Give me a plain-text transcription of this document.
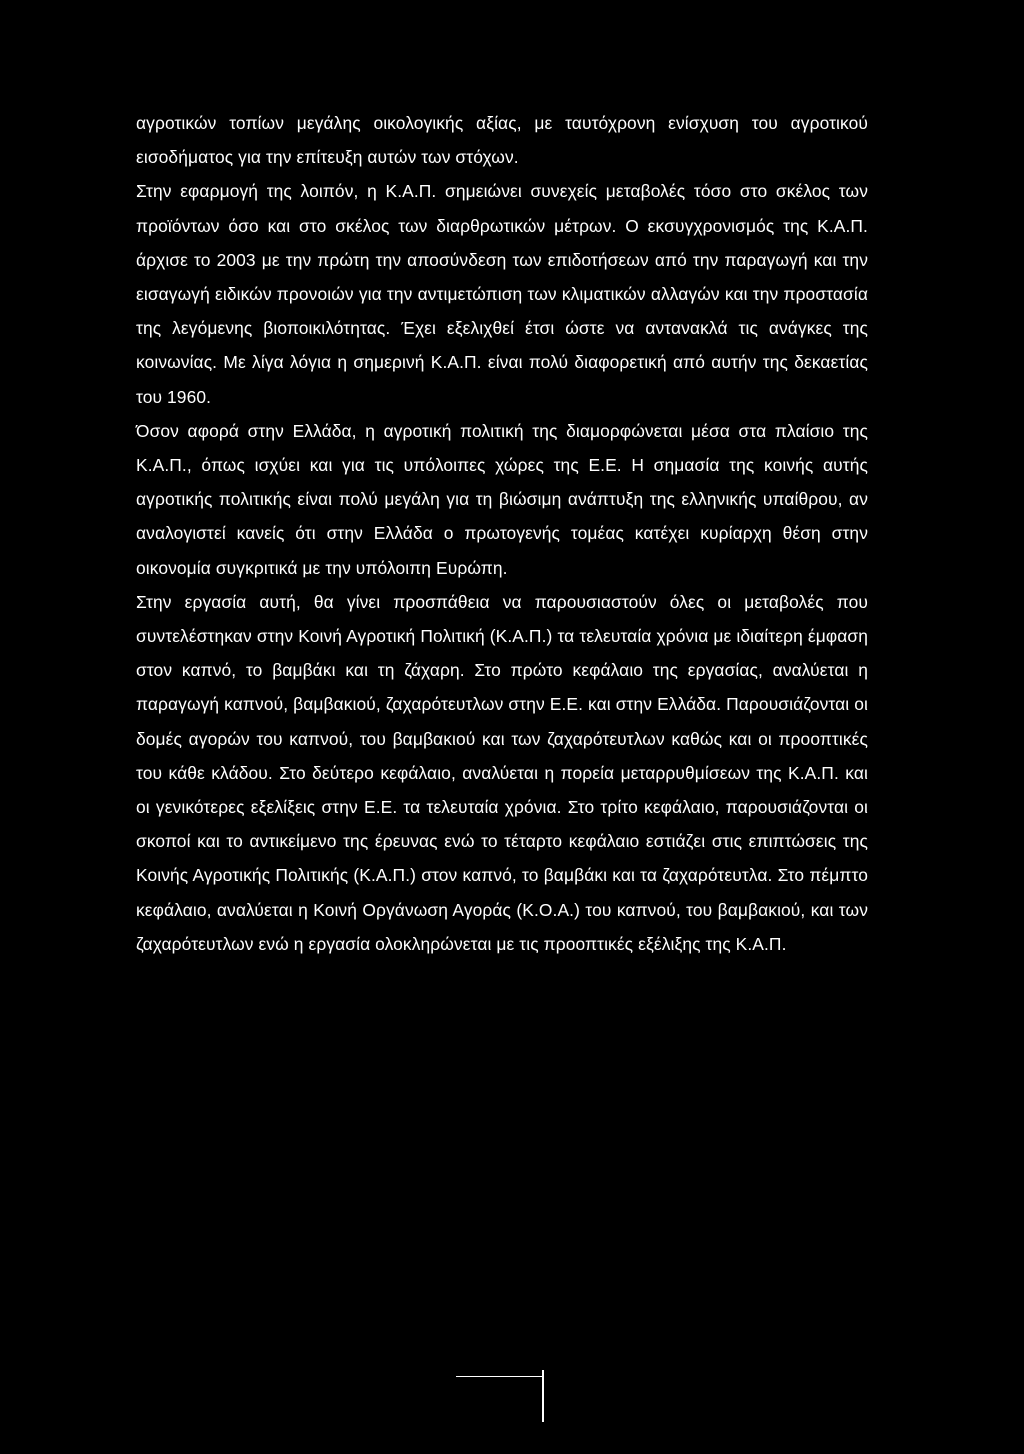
αγροτικών τοπίων μεγάλης οικολογικής αξίας, με ταυτόχρονη ενίσχυση του αγροτικού εισοδήματος για την επίτευξη αυτών των στόχων.

Στην εφαρμογή της λοιπόν, η Κ.Α.Π. σημειώνει συνεχείς μεταβολές τόσο στο σκέλος των προϊόντων όσο και στο σκέλος των διαρθρωτικών μέτρων. Ο εκσυγχρονισμός της Κ.Α.Π. άρχισε το 2003 με την πρώτη την αποσύνδεση των επιδοτήσεων από την παραγωγή και την εισαγωγή ειδικών προνοιών για την αντιμετώπιση των κλιματικών αλλαγών και την προστασία της λεγόμενης βιοποικιλότητας. Έχει εξελιχθεί έτσι ώστε να αντανακλά τις ανάγκες της κοινωνίας. Με λίγα λόγια η σημερινή Κ.Α.Π. είναι πολύ διαφορετική από αυτήν της δεκαετίας του 1960.

Όσον αφορά στην Ελλάδα, η αγροτική πολιτική της διαμορφώνεται μέσα στα πλαίσιο της Κ.Α.Π., όπως ισχύει και για τις υπόλοιπες χώρες της Ε.Ε. Η σημασία της κοινής αυτής αγροτικής πολιτικής είναι πολύ μεγάλη για τη βιώσιμη ανάπτυξη της ελληνικής υπαίθρου, αν αναλογιστεί κανείς ότι στην Ελλάδα ο πρωτογενής τομέας κατέχει κυρίαρχη θέση στην οικονομία συγκριτικά με την υπόλοιπη Ευρώπη.

Στην εργασία αυτή, θα γίνει προσπάθεια να παρουσιαστούν όλες οι μεταβολές που συντελέστηκαν στην Κοινή Αγροτική Πολιτική (Κ.Α.Π.) τα τελευταία χρόνια με ιδιαίτερη έμφαση στον καπνό, το βαμβάκι και τη ζάχαρη. Στο πρώτο κεφάλαιο της εργασίας, αναλύεται η παραγωγή καπνού, βαμβακιού, ζαχαρότευτλων στην Ε.Ε. και στην Ελλάδα. Παρουσιάζονται οι δομές αγορών του καπνού, του βαμβακιού και των ζαχαρότευτλων καθώς και οι προοπτικές του κάθε κλάδου. Στο δεύτερο κεφάλαιο, αναλύεται η πορεία μεταρρυθμίσεων της Κ.Α.Π. και οι γενικότερες εξελίξεις στην Ε.Ε. τα τελευταία χρόνια. Στο τρίτο κεφάλαιο, παρουσιάζονται οι σκοποί και το αντικείμενο της έρευνας ενώ το τέταρτο κεφάλαιο εστιάζει στις επιπτώσεις της Κοινής Αγροτικής Πολιτικής (Κ.Α.Π.) στον καπνό, το βαμβάκι και τα ζαχαρότευτλα. Στο πέμπτο κεφάλαιο, αναλύεται η Κοινή Οργάνωση Αγοράς (Κ.Ο.Α.) του καπνού, του βαμβακιού, και των ζαχαρότευτλων ενώ η εργασία ολοκληρώνεται με τις προοπτικές εξέλιξης της Κ.Α.Π.
